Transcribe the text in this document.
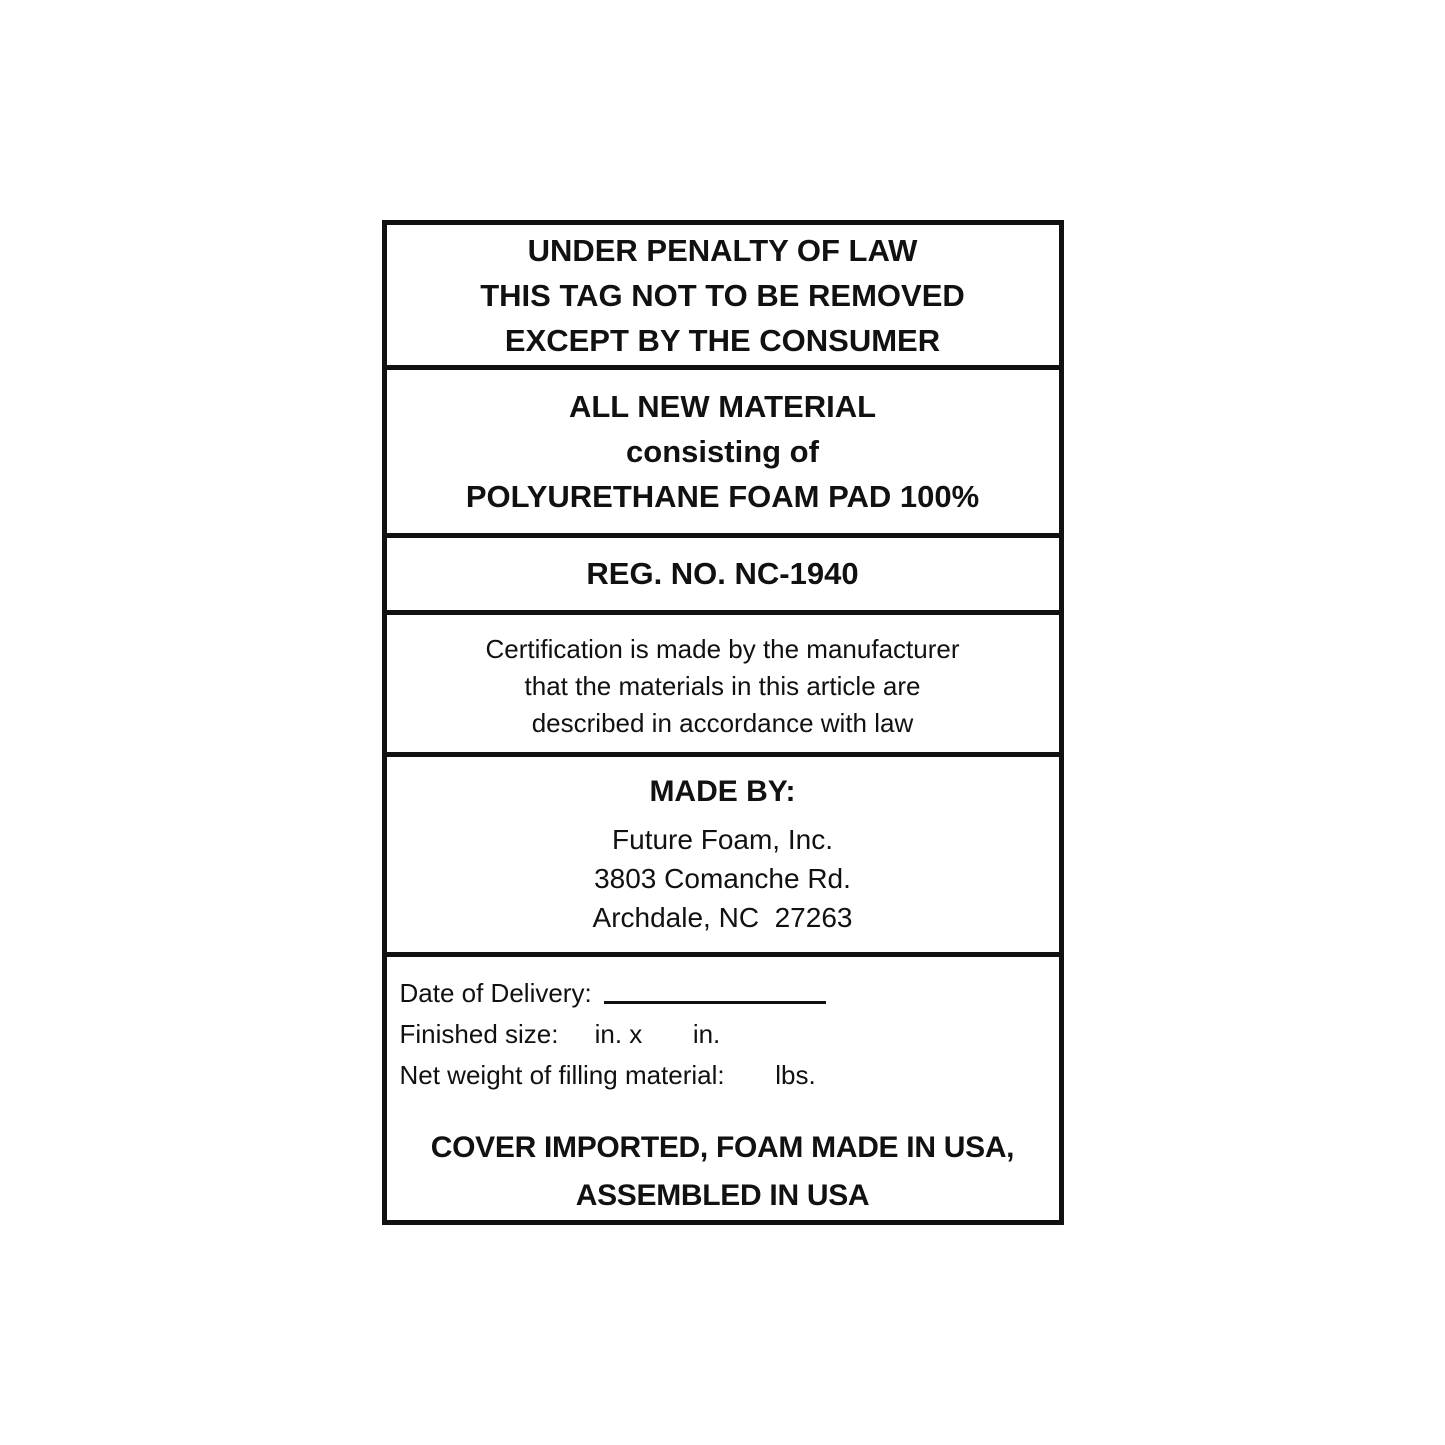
UNDER PENALTY OF LAW
THIS TAG NOT TO BE REMOVED
EXCEPT BY THE CONSUMER
ALL NEW MATERIAL
consisting of
POLYURETHANE FOAM PAD 100%
REG. NO. NC-1940
Certification is made by the manufacturer
that the materials in this article are
described in accordance with law
MADE BY:
Future Foam, Inc.
3803 Comanche Rd.
Archdale, NC  27263
Date of Delivery:
Finished size:     in. x       in.
Net weight of filling material:       lbs.
COVER IMPORTED, FOAM MADE IN USA,
ASSEMBLED IN USA
